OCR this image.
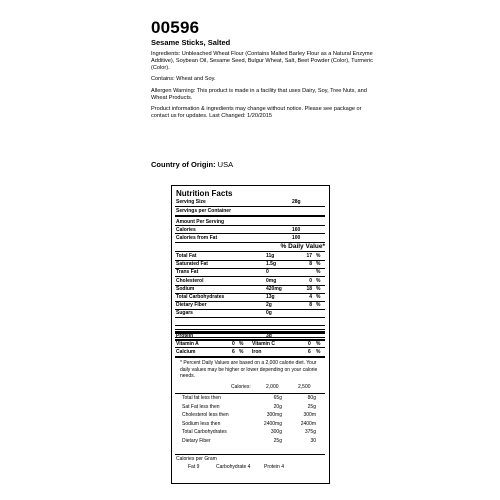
00596
Sesame Sticks, Salted
Ingredients: Unbleached Wheat Flour (Contains Malted Barley Flour as a Natural Enzyme Additive), Soybean Oil, Sesame Seed, Bulgur Wheat, Salt, Beet Powder (Color), Turmeric (Color).
Contains: Wheat and Soy.
Allergen Warning: This product is made in a facility that uses Dairy, Soy, Tree Nuts, and Wheat Products.
Product information & ingredients may change without notice. Please see package or contact us for updates. Last Changed: 1/20/2015
Country of Origin: USA
Nutrition Facts
Serving Size	28g
Servings per Container
Amount Per Serving
Calories	160
Calories from Fat	100
% Daily Value*
Total Fat	11g	17 %
Saturated Fat	1.5g	8 %
Trans Fat	0	%
Cholesterol	0mg	0 %
Sodium	420mg	18 %
Total Carbohydrates	13g	4 %
Dietary Fiber	2g	8 %
Sugars	0g
Protein	3g
Vitamin A	0 % Vitamin C	0 %
Calcium	6 % Iron	6 %
* Percent Daily Values are based on a 2,000 calorie diet. Your daily values may be higher or lower depending on your calorie needs.
Calories:	2,000	2,500
Total fat less then	65g	80g
Sat Fat less then	20g	25g
Cholesterol less then	300mg	300m
Sodium less then	2400mg	2400m
Total Carbohydrates	300g	375g
Dietary Fiber	25g	30
Calories per Gram
Fat 9	Carbohydrate 4	Protein 4
